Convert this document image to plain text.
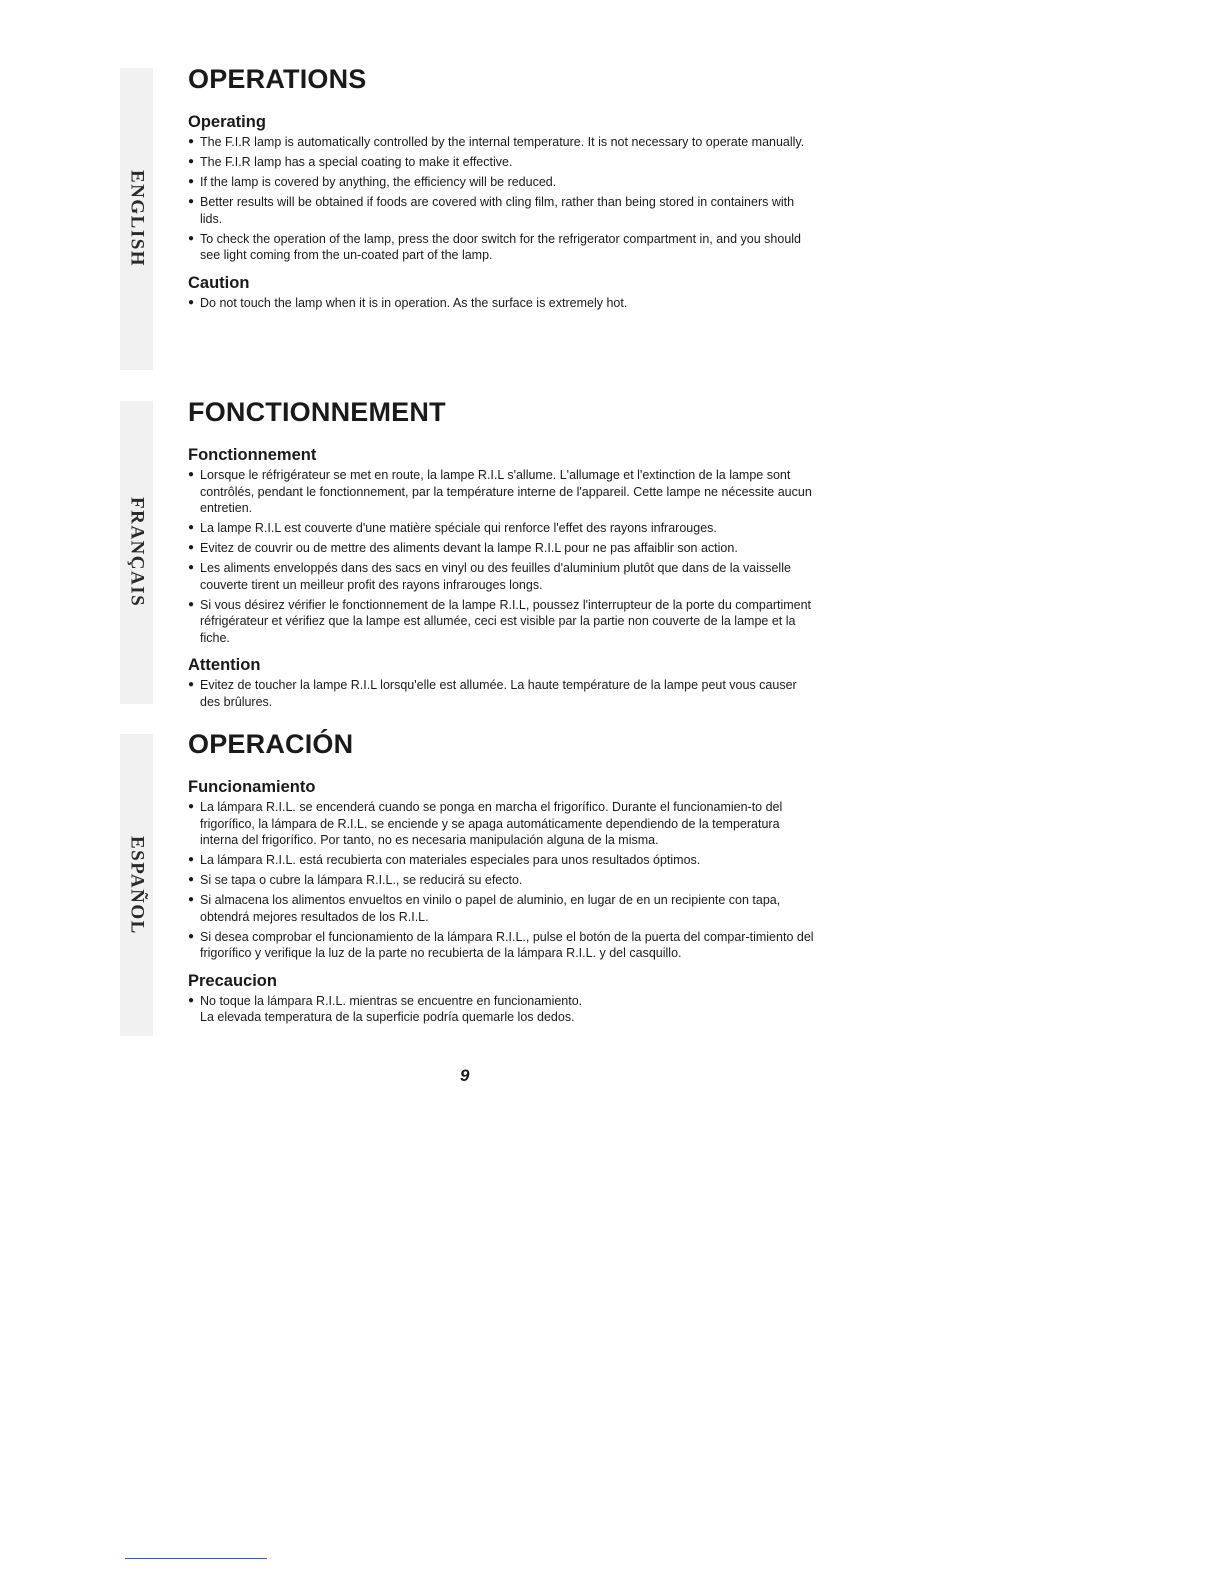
ENGLISH
FRANÇAIS
ESPAÑOL
OPERATIONS
Operating
● The F.I.R lamp is automatically controlled by the internal temperature. It is not necessary to operate manually.
● The F.I.R lamp has a special coating to make it effective.
● If the lamp is covered by anything, the efficiency will be reduced.
● Better results will be obtained if foods are covered with cling film, rather than being stored in containers with lids.
● To check the operation of the lamp, press the door switch for the refrigerator compartment in, and you should see light coming from the un-coated part of the lamp.
Caution
● Do not touch the lamp when it is in operation. As the surface is extremely hot.
FONCTIONNEMENT
Fonctionnement
● Lorsque le réfrigérateur se met en route, la lampe R.I.L s'allume. L'allumage et l'extinction de la lampe sont contrôlés, pendant le fonctionnement, par la température interne de l'appareil. Cette lampe ne nécessite aucun entretien.
● La lampe R.I.L est couverte d'une matière spéciale qui renforce l'effet des rayons infrarouges.
● Evitez de couvrir ou de mettre des aliments devant la lampe R.I.L pour ne pas affaiblir son action.
● Les aliments enveloppés dans des sacs en vinyl ou des feuilles d'aluminium plutôt que dans de la vaisselle couverte tirent un meilleur profit des rayons infrarouges longs.
● Si vous désirez vérifier le fonctionnement de la lampe R.I.L, poussez l'interrupteur de la porte du compartiment réfrigérateur et vérifiez que la lampe est allumée, ceci est visible par la partie non couverte de la lampe et la fiche.
Attention
● Evitez de toucher la lampe R.I.L lorsqu'elle est allumée. La haute température de la lampe peut vous causer des brûlures.
OPERACIÓN
Funcionamiento
● La lámpara R.I.L. se encenderá cuando se ponga en marcha el frigorífico. Durante el funcionamien-to del frigorífico, la lámpara de R.I.L. se enciende y se apaga automáticamente dependiendo de la temperatura interna del frigorífico. Por tanto, no es necesaria manipulación alguna de la misma.
● La lámpara R.I.L. está recubierta con materiales especiales para unos resultados óptimos.
● Si se tapa o cubre la lámpara R.I.L., se reducirá su efecto.
● Si almacena los alimentos envueltos en vinilo o papel de aluminio, en lugar de en un recipiente con tapa, obtendrá mejores resultados de los R.I.L.
● Si desea comprobar el funcionamiento de la lámpara R.I.L., pulse el botón de la puerta del compar-timiento del frigorífico y verifique la luz de la parte no recubierta de la lámpara R.I.L. y del casquillo.
Precaucion
● No toque la lámpara R.I.L. mientras se encuentre en funcionamiento.
La elevada temperatura de la superficie podría quemarle los dedos.
9
